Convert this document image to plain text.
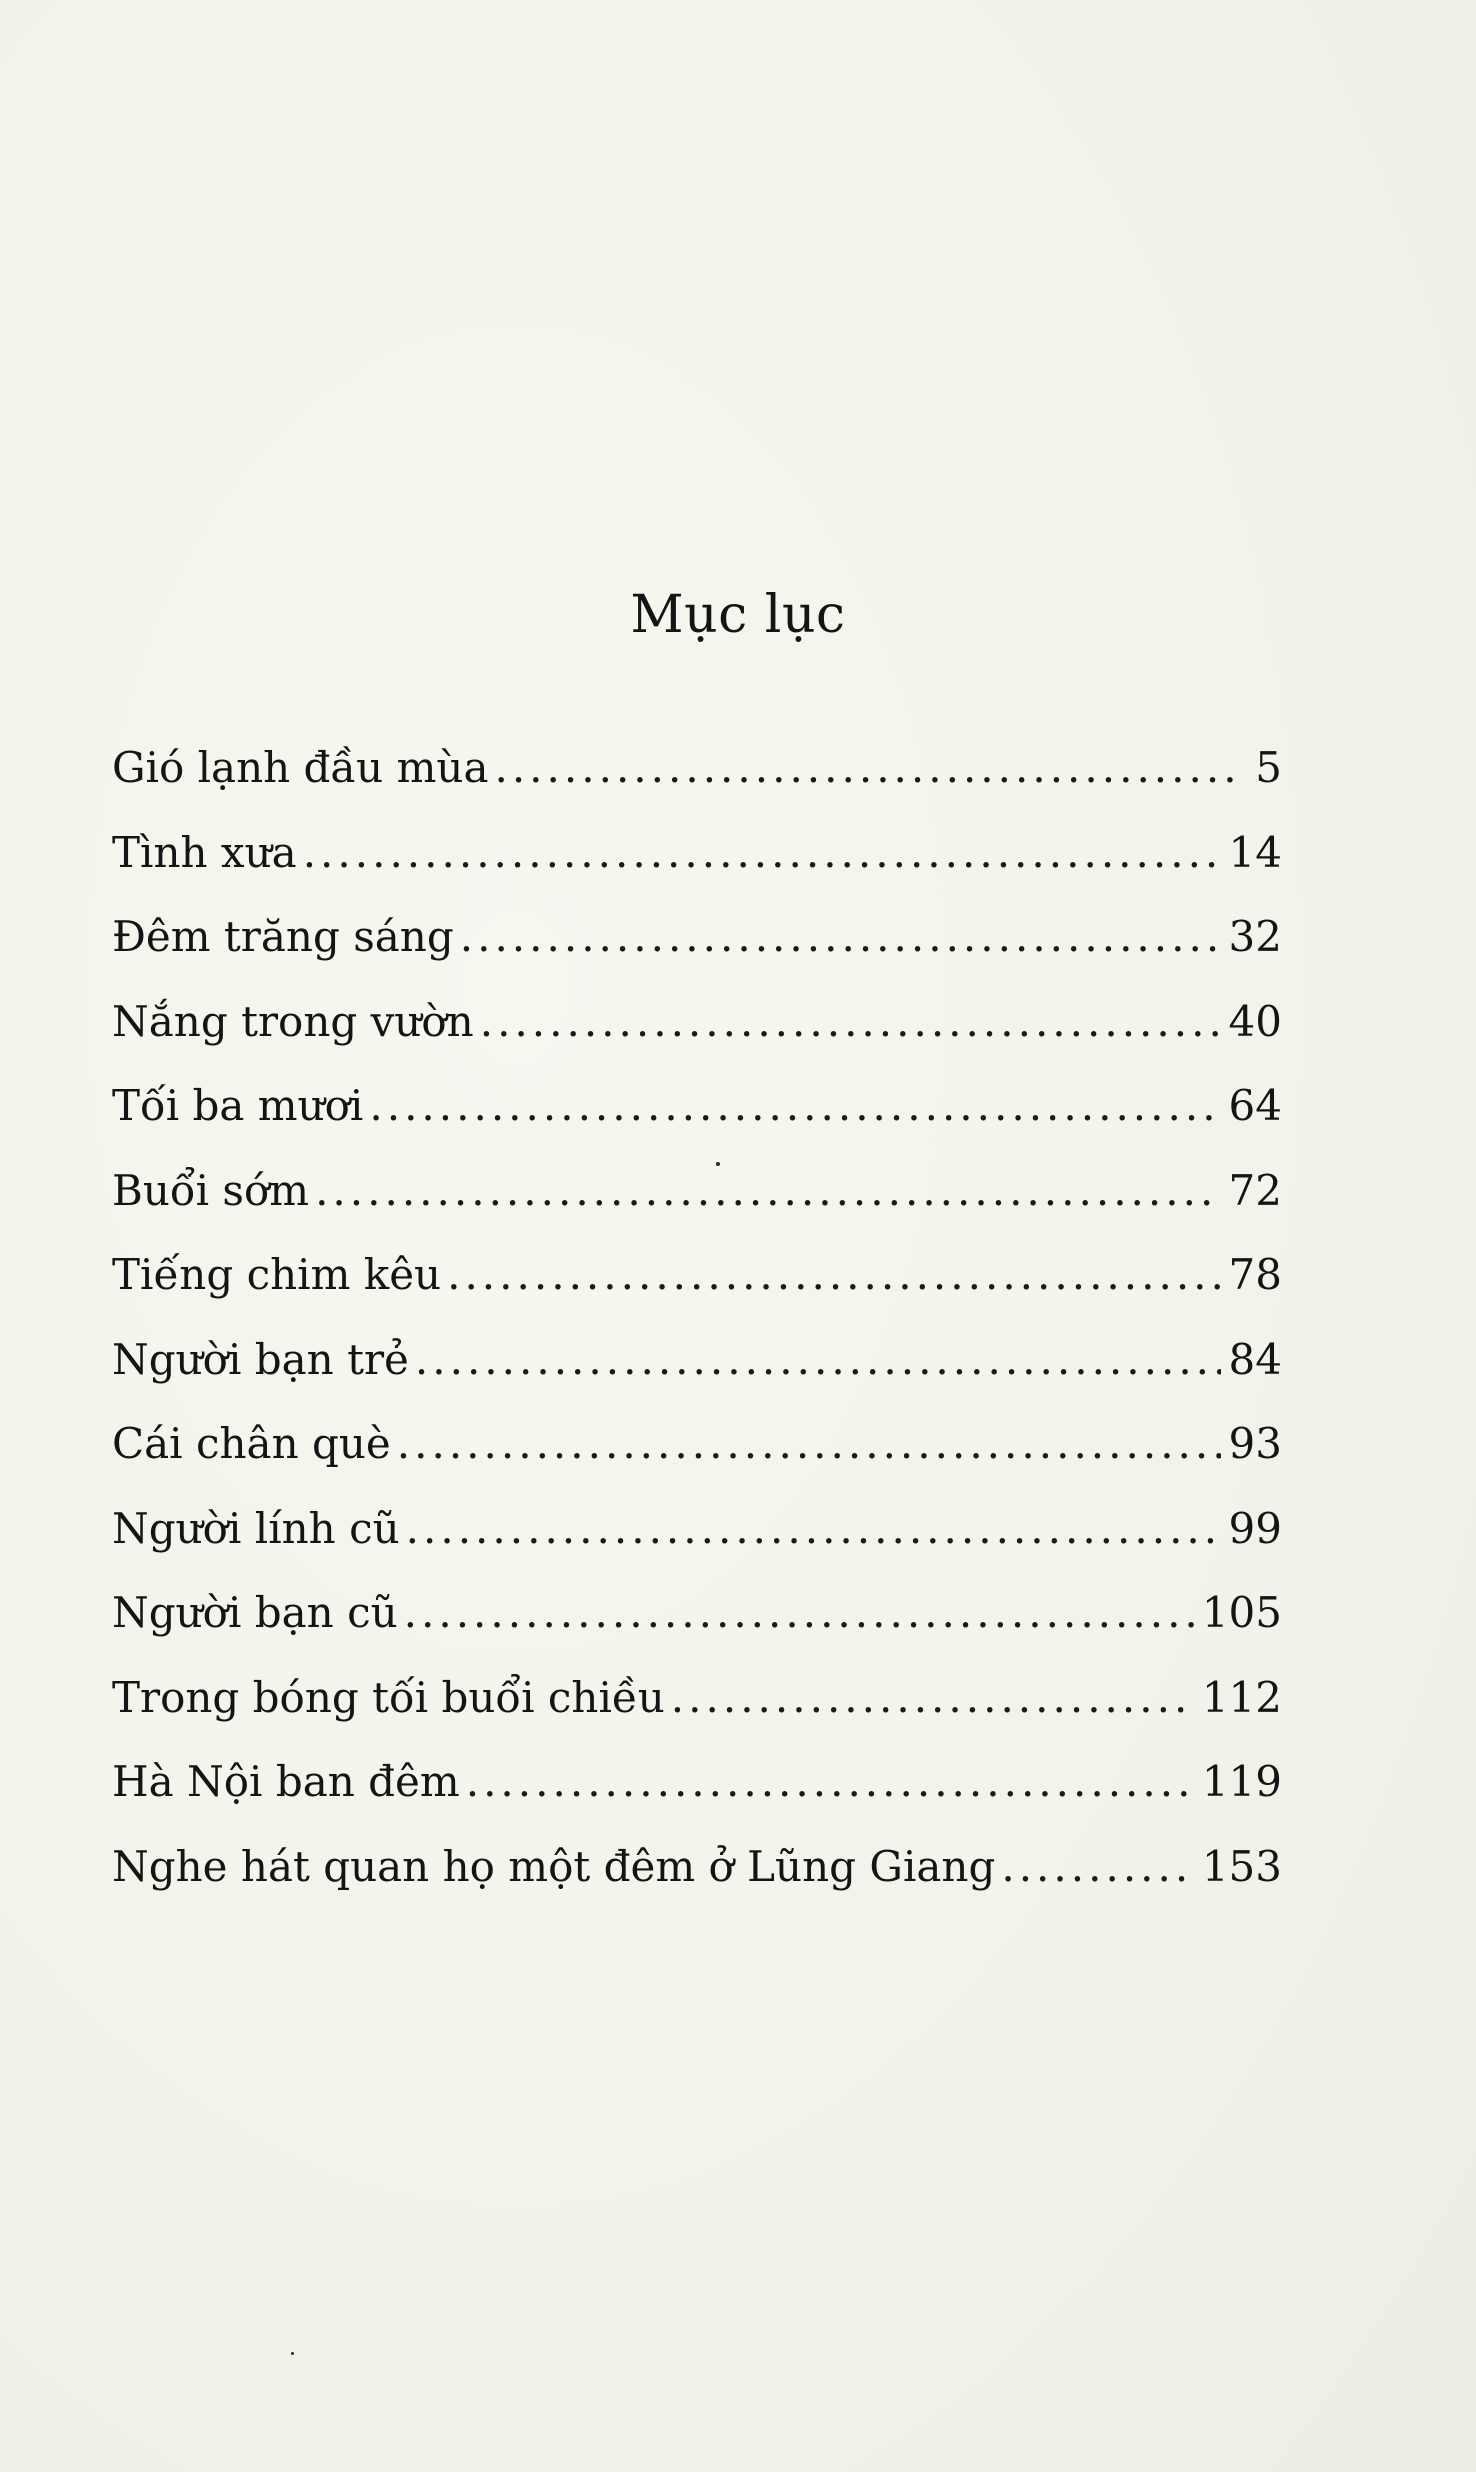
Mục lục
Gió lạnh đầu mùa .....	5
Tình xưa .....	14
Đêm trăng sáng .....	32
Nắng trong vườn .....	40
Tối ba mươi .....	64
Buổi sớm .....	72
Tiếng chim kêu .....	78
Người bạn trẻ .....	84
Cái chân què .....	93
Người lính cũ .....	99
Người bạn cũ .....	105
Trong bóng tối buổi chiều .....	112
Hà Nội ban đêm .....	119
Nghe hát quan họ một đêm ở Lũng Giang .....	153
